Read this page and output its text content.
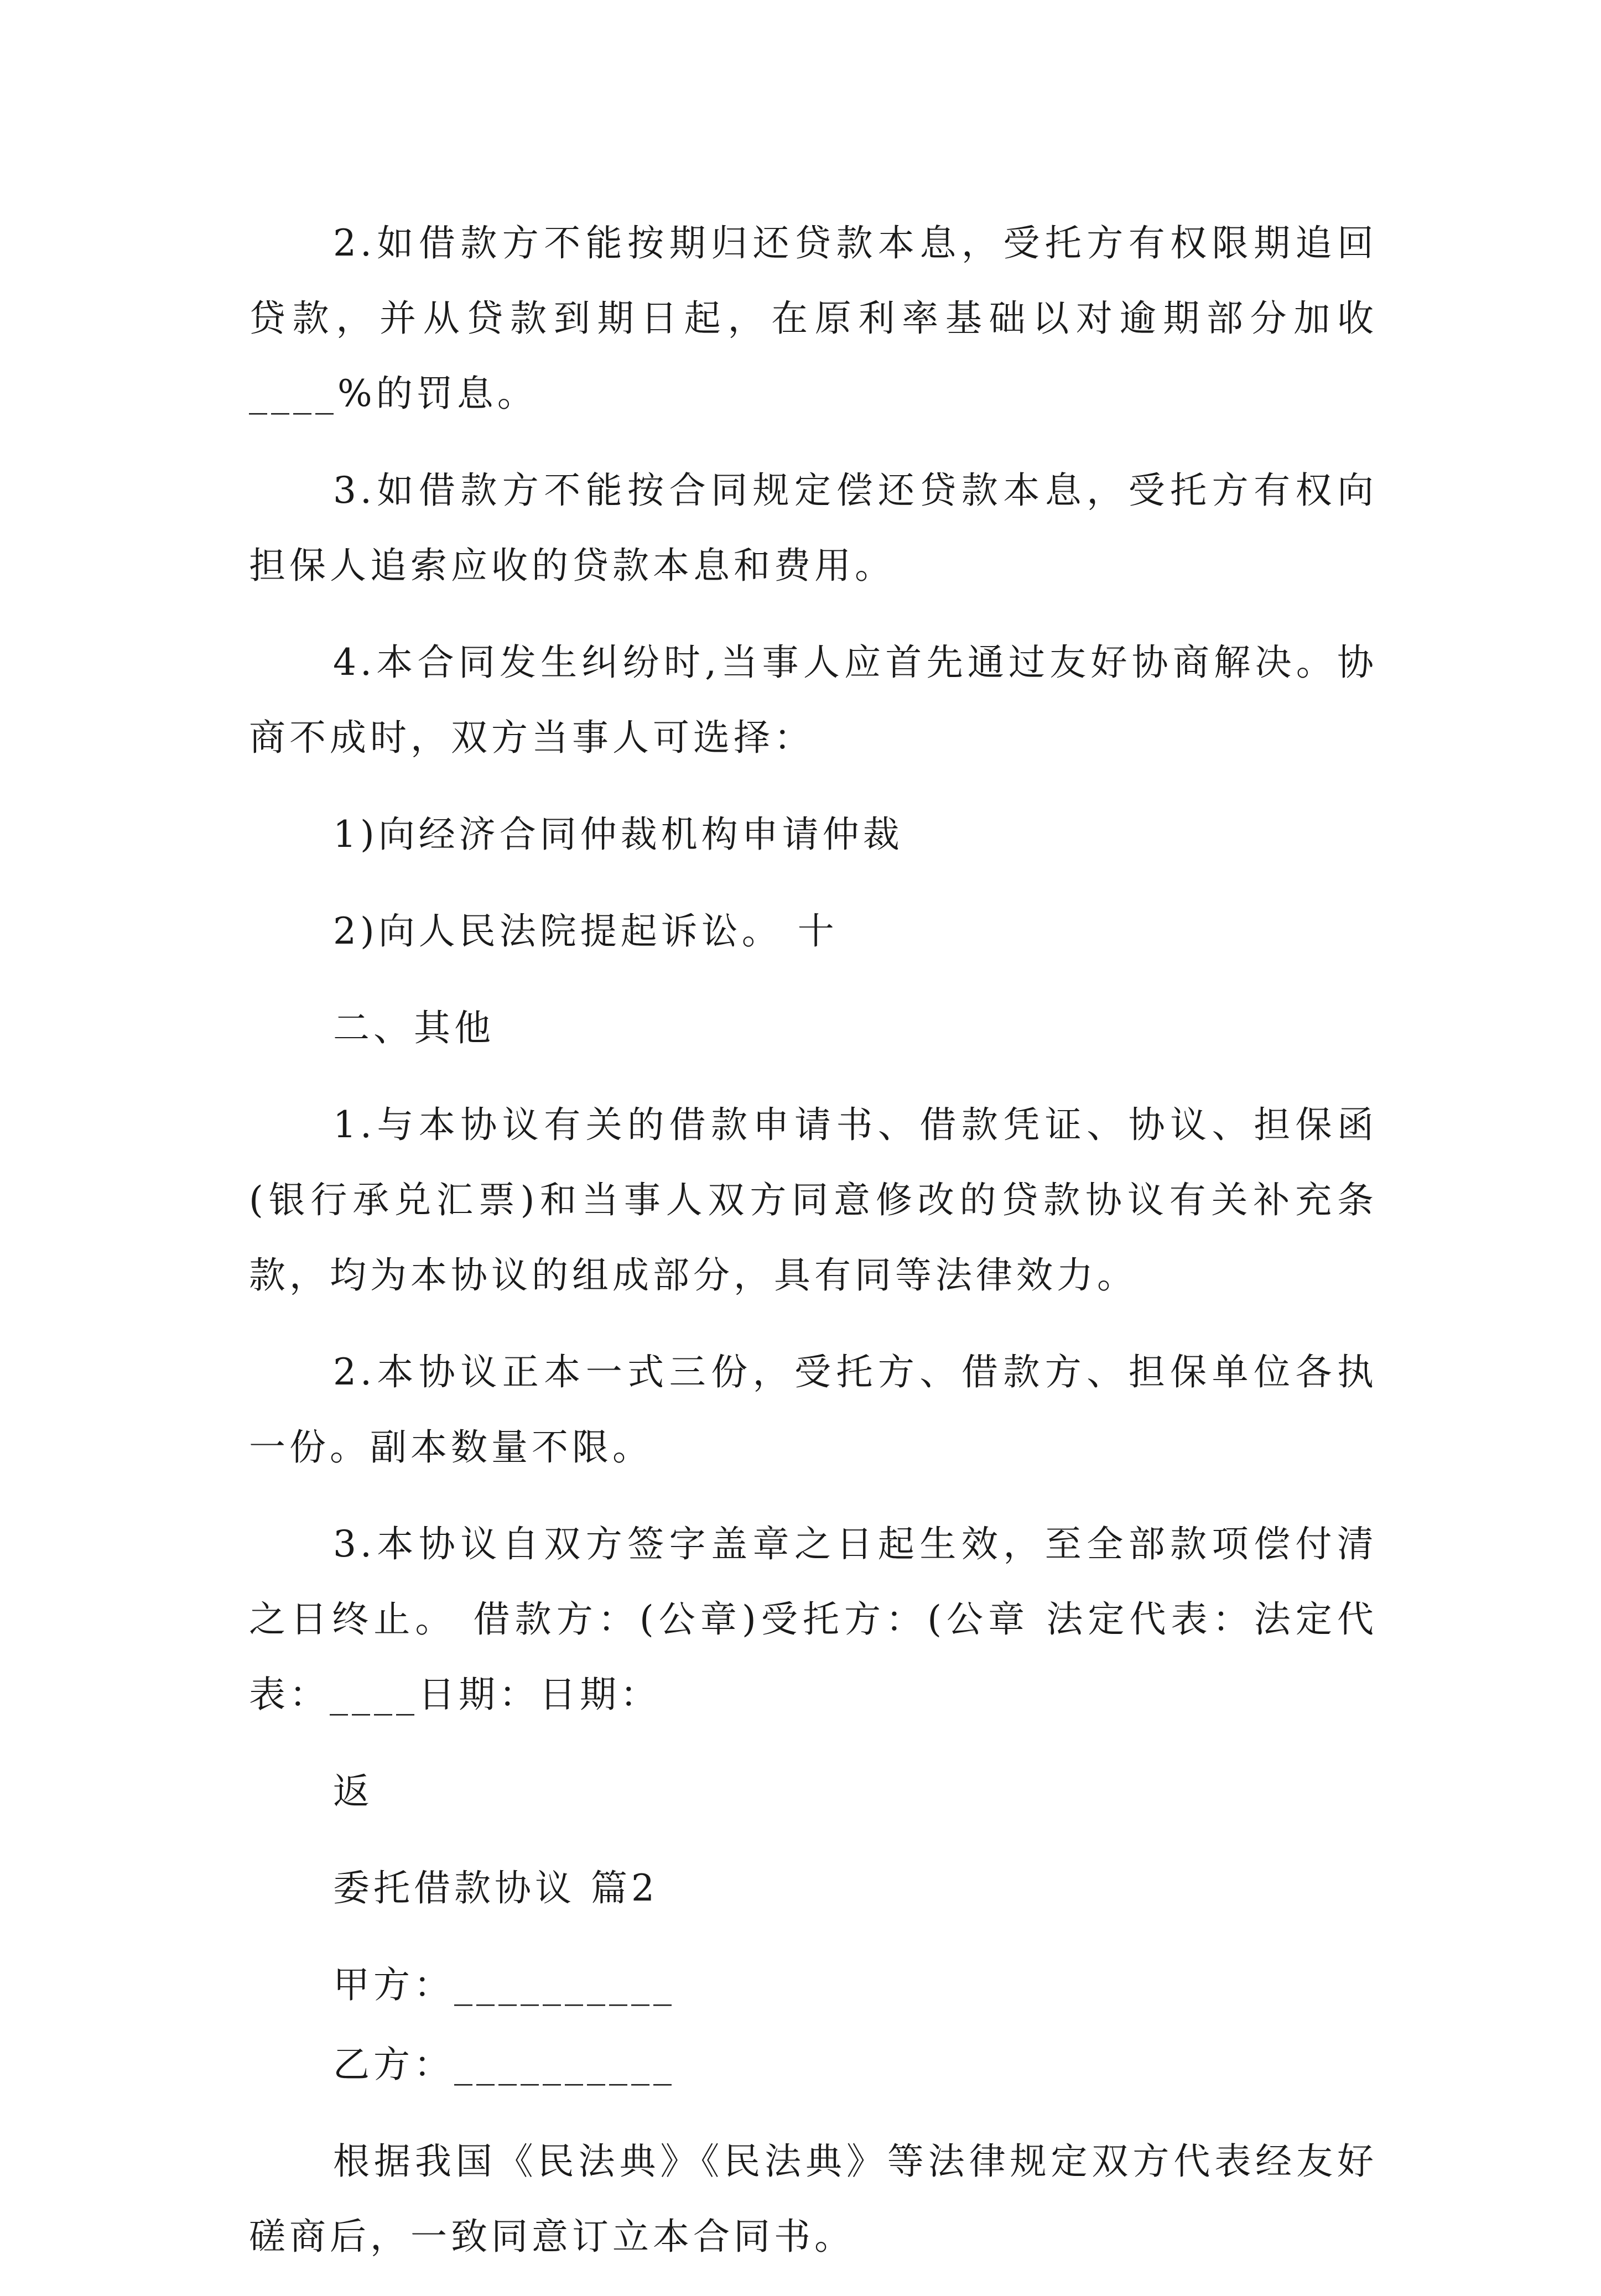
2.如借款方不能按期归还贷款本息，受托方有权限期追回贷款，并从贷款到期日起，在原利率基础以对逾期部分加收____%的罚息。

3.如借款方不能按合同规定偿还贷款本息，受托方有权向担保人追索应收的贷款本息和费用。

4.本合同发生纠纷时,当事人应首先通过友好协商解决。协商不成时，双方当事人可选择：

1)向经济合同仲裁机构申请仲裁

2)向人民法院提起诉讼。 十

二、其他

1.与本协议有关的借款申请书、借款凭证、协议、担保函(银行承兑汇票)和当事人双方同意修改的贷款协议有关补充条款，均为本协议的组成部分，具有同等法律效力。

2.本协议正本一式三份，受托方、借款方、担保单位各执一份。副本数量不限。

3.本协议自双方签字盖章之日起生效，至全部款项偿付清之日终止。 借款方：(公章)受托方：(公章 法定代表：法定代表：____日期：日期：

返

委托借款协议 篇2

甲方：__________

乙方：__________

根据我国《民法典》《民法典》等法律规定双方代表经友好磋商后，一致同意订立本合同书。
